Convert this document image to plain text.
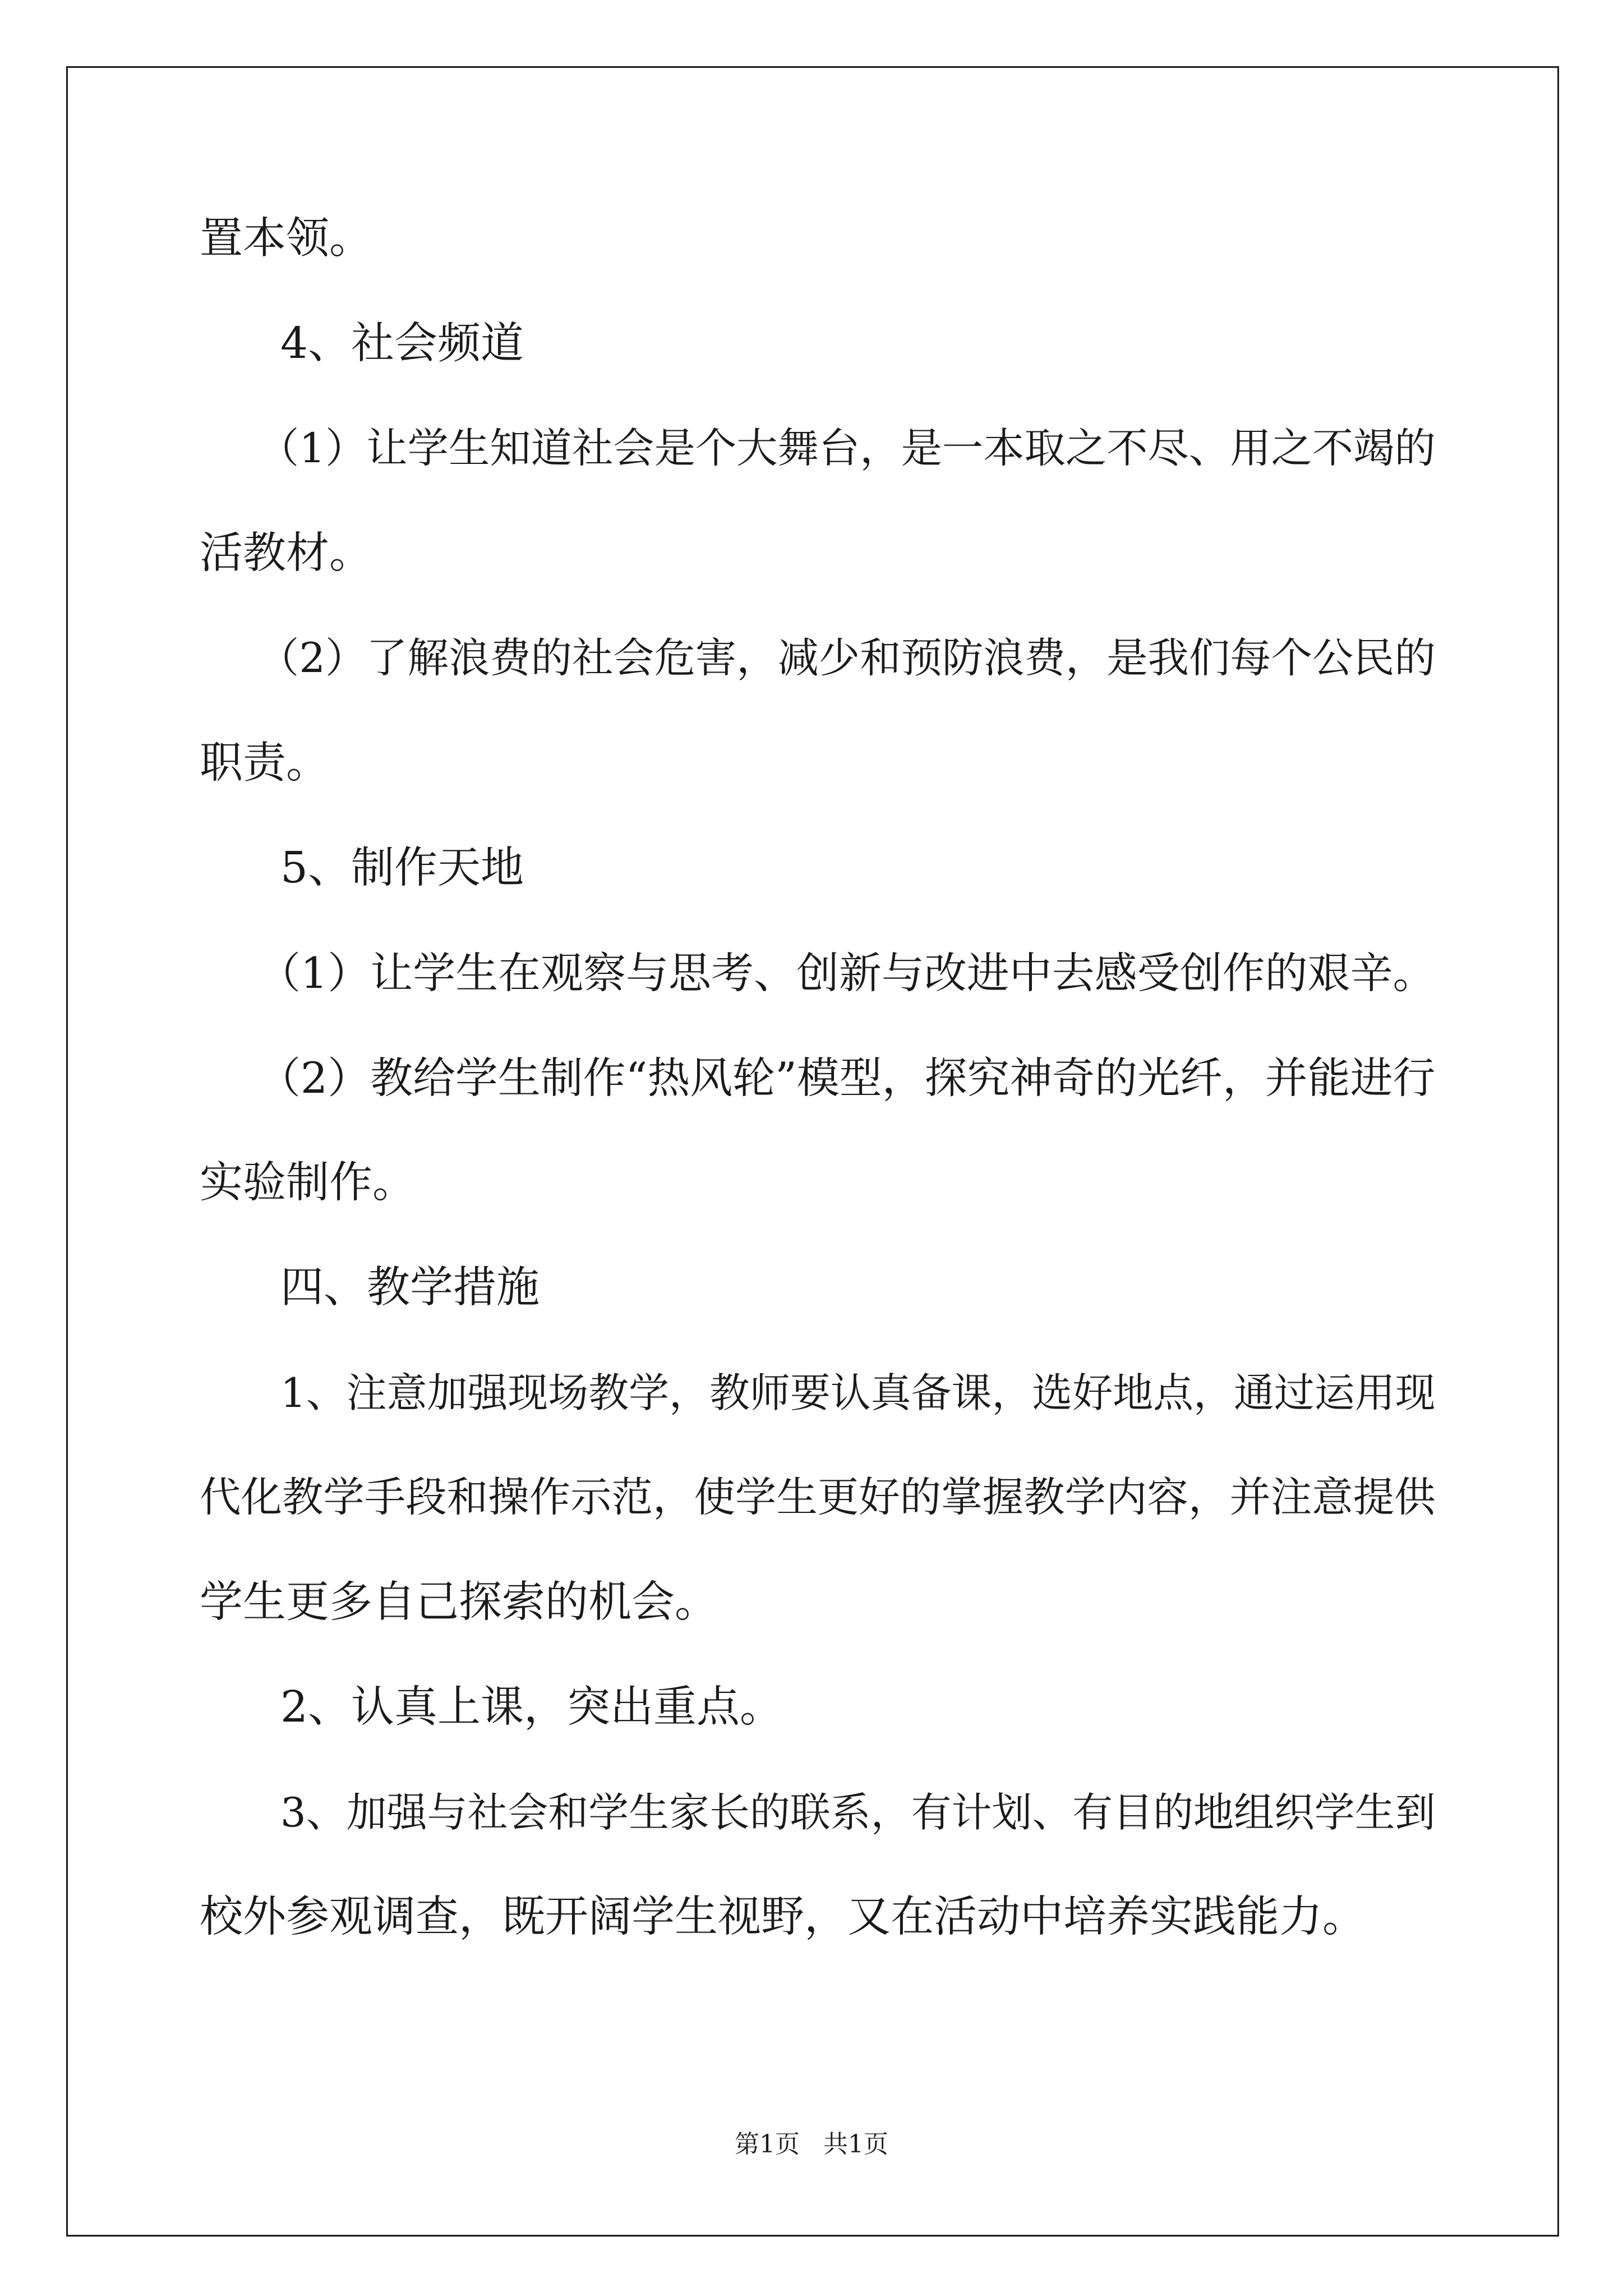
置本领。

4、社会频道

（1）让学生知道社会是个大舞台，是一本取之不尽、用之不竭的

活教材。

（2）了解浪费的社会危害，减少和预防浪费，是我们每个公民的

职责。

5、制作天地

（1）让学生在观察与思考、创新与改进中去感受创作的艰辛。

（2）教给学生制作“热风轮”模型，探究神奇的光纤，并能进行

实验制作。

四、教学措施

1、注意加强现场教学，教师要认真备课，选好地点，通过运用现

代化教学手段和操作示范，使学生更好的掌握教学内容，并注意提供

学生更多自己探索的机会。

2、认真上课，突出重点。

3、加强与社会和学生家长的联系，有计划、有目的地组织学生到

校外参观调查，既开阔学生视野，又在活动中培养实践能力。

第1页   共1页
